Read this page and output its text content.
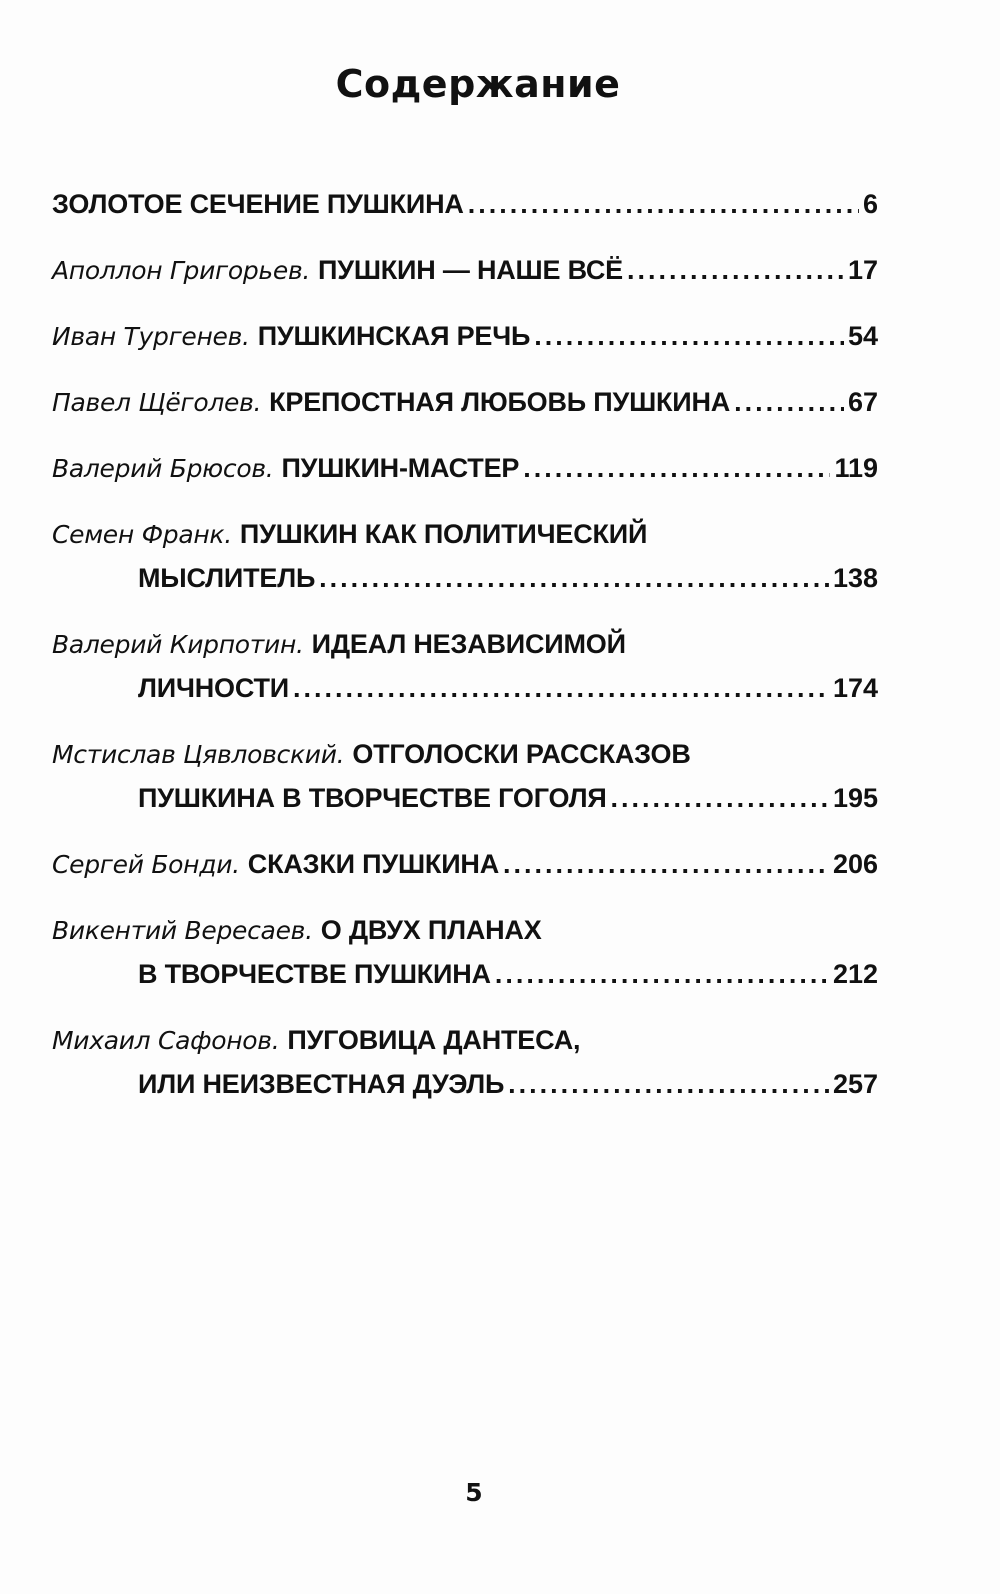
Содержание
ЗОЛОТОЕ СЕЧЕНИЕ ПУШКИНА .....	6
Аполлон Григорьев. ПУШКИН — НАШЕ ВСЁ .....	17
Иван Тургенев. ПУШКИНСКАЯ РЕЧЬ .....	54
Павел Щёголев. КРЕПОСТНАЯ ЛЮБОВЬ ПУШКИНА .....	67
Валерий Брюсов. ПУШКИН-МАСТЕР .....	119
Семен Франк. ПУШКИН КАК ПОЛИТИЧЕСКИЙ
МЫСЛИТЕЛЬ .....	138
Валерий Кирпотин. ИДЕАЛ НЕЗАВИСИМОЙ
ЛИЧНОСТИ .....	174
Мстислав Цявловский. ОТГОЛОСКИ РАССКАЗОВ
ПУШКИНА В ТВОРЧЕСТВЕ ГОГОЛЯ .....	195
Сергей Бонди. СКАЗКИ ПУШКИНА .....	206
Викентий Вересаев. О ДВУХ ПЛАНАХ
В ТВОРЧЕСТВЕ ПУШКИНА .....	212
Михаил Сафонов. ПУГОВИЦА ДАНТЕСА,
ИЛИ НЕИЗВЕСТНАЯ ДУЭЛЬ .....	257
5
